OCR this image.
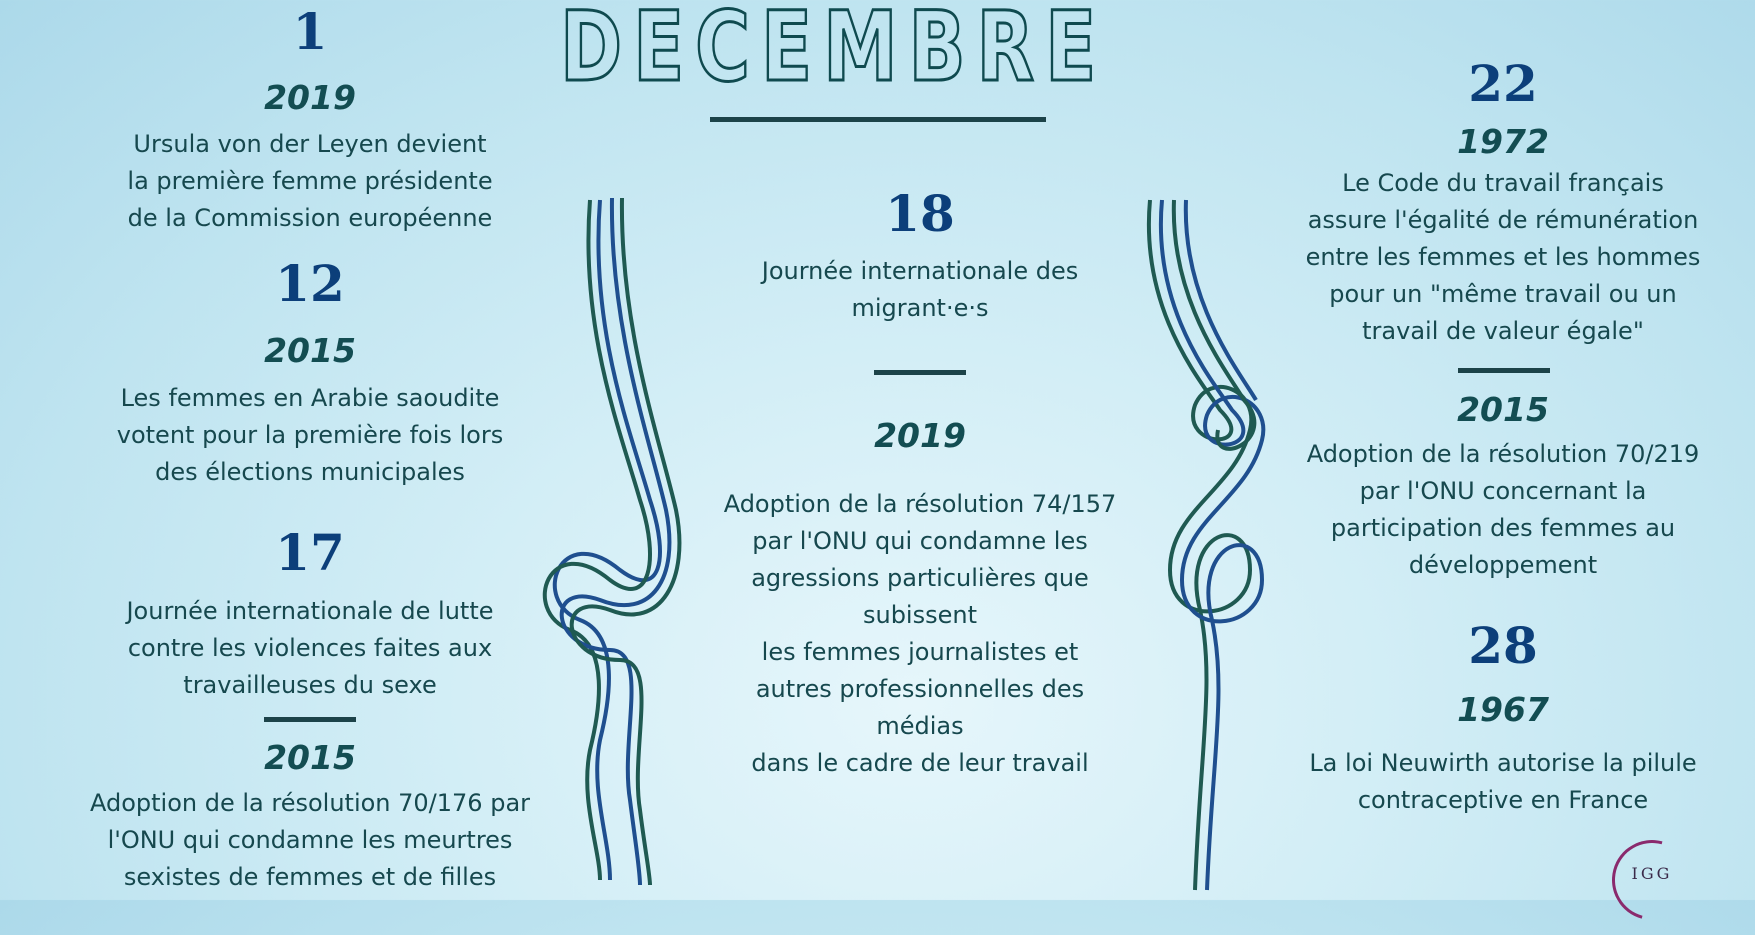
DECEMBRE
1
2019
Ursula von der Leyen devient
la première femme présidente
de la Commission européenne
12
2015
Les femmes en Arabie saoudite
votent pour la première fois lors
des élections municipales
17
Journée internationale de lutte
contre les violences faites aux
travailleuses du sexe
2015
Adoption de la résolution 70/176 par
l'ONU qui condamne les meurtres
sexistes de femmes et de filles
18
Journée internationale des
migrant·e·s
2019
Adoption de la résolution 74/157
par l'ONU qui condamne les
agressions particulières que
subissent
les femmes journalistes et
autres professionnelles des
médias
dans le cadre de leur travail
22
1972
Le Code du travail français
assure l'égalité de rémunération
entre les femmes et les hommes
pour un "même travail ou un
travail de valeur égale"
2015
Adoption de la résolution 70/219
par l'ONU concernant la
participation des femmes au
développement
28
1967
La loi Neuwirth autorise la pilule
contraceptive en France
IGG
